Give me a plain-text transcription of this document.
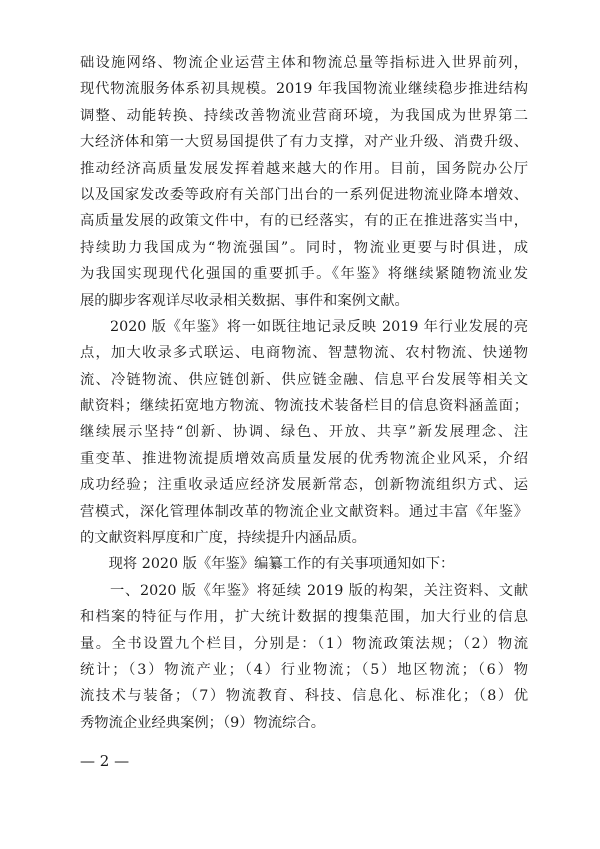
础设施网络、物流企业运营主体和物流总量等指标进入世界前列，
现代物流服务体系初具规模。2019 年我国物流业继续稳步推进结构
调整、动能转换、持续改善物流业营商环境，为我国成为世界第二
大经济体和第一大贸易国提供了有力支撑，对产业升级、消费升级、
推动经济高质量发展发挥着越来越大的作用。目前，国务院办公厅
以及国家发改委等政府有关部门出台的一系列促进物流业降本增效、
高质量发展的政策文件中，有的已经落实，有的正在推进落实当中，
持续助力我国成为“物流强国”。同时，物流业更要与时俱进，成
为我国实现现代化强国的重要抓手。《年鉴》将继续紧随物流业发
展的脚步客观详尽收录相关数据、事件和案例文献。
　　2020 版《年鉴》将一如既往地记录反映 2019 年行业发展的亮
点，加大收录多式联运、电商物流、智慧物流、农村物流、快递物
流、冷链物流、供应链创新、供应链金融、信息平台发展等相关文
献资料；继续拓宽地方物流、物流技术装备栏目的信息资料涵盖面；
继续展示坚持“创新、协调、绿色、开放、共享”新发展理念、注
重变革、推进物流提质增效高质量发展的优秀物流企业风采，介绍
成功经验；注重收录适应经济发展新常态，创新物流组织方式、运
营模式，深化管理体制改革的物流企业文献资料。通过丰富《年鉴》
的文献资料厚度和广度，持续提升内涵品质。
　　现将 2020 版《年鉴》编纂工作的有关事项通知如下：
　　一、2020 版《年鉴》将延续 2019 版的构架，关注资料、文献
和档案的特征与作用，扩大统计数据的搜集范围，加大行业的信息
量。全书设置九个栏目，分别是：（1）物流政策法规；（2）物流
统计；（3）物流产业；（4）行业物流；（5）地区物流；（6）物
流技术与装备；（7）物流教育、科技、信息化、标准化；（8）优
秀物流企业经典案例；（9）物流综合。
— 2 —
